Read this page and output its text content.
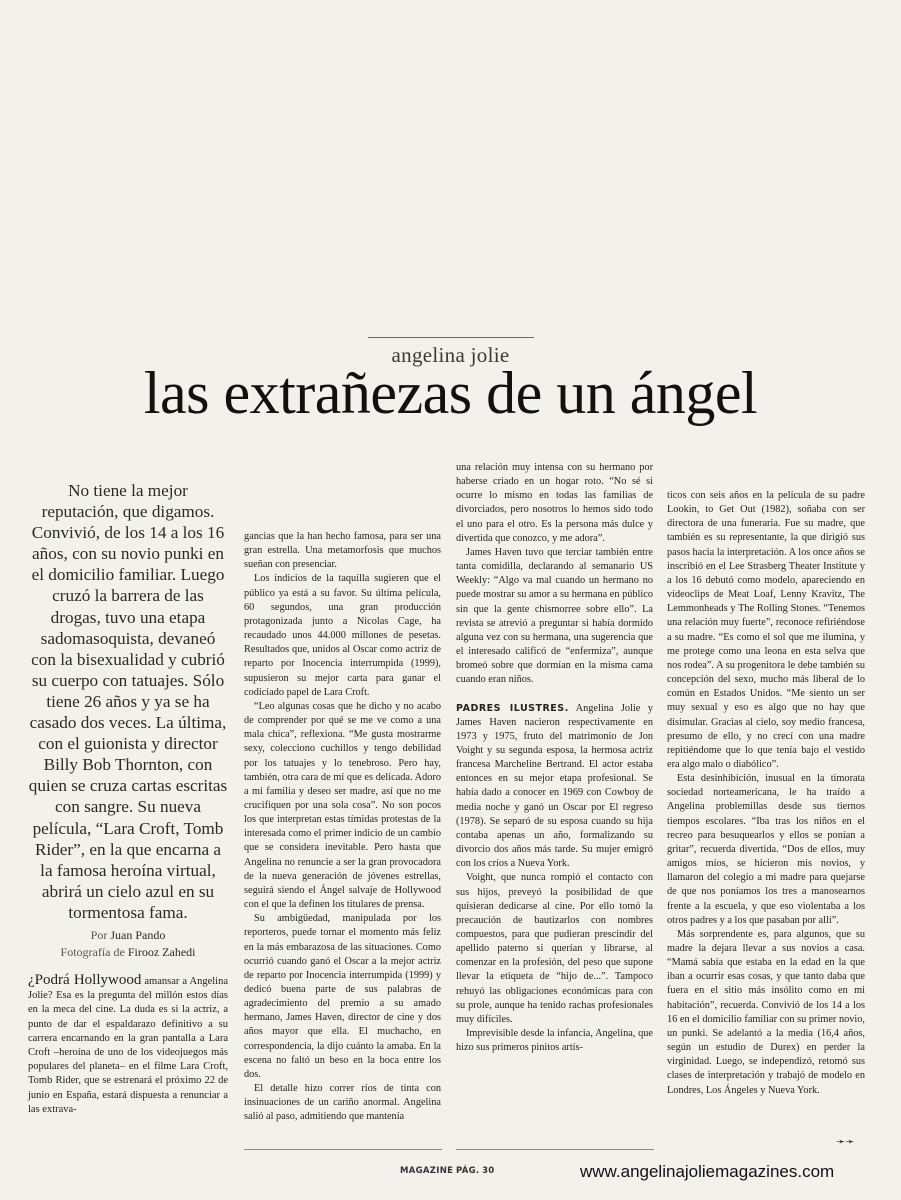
angelina jolie
las extrañezas de un ángel
No tiene la mejor reputación, que digamos. Convivió, de los 14 a los 16 años, con su novio punki en el domicilio familiar. Luego cruzó la barrera de las drogas, tuvo una etapa sadomasoquista, devaneó con la bisexualidad y cubrió su cuerpo con tatuajes. Sólo tiene 26 años y ya se ha casado dos veces. La última, con el guionista y director Billy Bob Thornton, con quien se cruza cartas escritas con sangre. Su nueva película, “Lara Croft, Tomb Rider”, en la que encarna a la famosa heroína virtual, abrirá un cielo azul en su tormentosa fama.
Por Juan Pando
Fotografía de Firooz Zahedi
¿Podrá Hollywood amansar a Angelina Jolie? Esa es la pregunta del millón estos días en la meca del cine. La duda es si la actriz, a punto de dar el espaldarazo definitivo a su carrera encarnando en la gran pantalla a Lara Croft –heroína de uno de los videojuegos más populares del planeta– en el filme Lara Croft, Tomb Rider, que se estrenará el próximo 22 de junio en España, estará dispuesta a renunciar a las extrava-

gancias que la han hecho famosa, para ser una gran estrella. Una metamorfosis que muchos sueñan con presenciar.

Los indicios de la taquilla sugieren que el público ya está a su favor. Su última película, 60 segundos, una gran producción protagonizada junto a Nicolas Cage, ha recaudado unos 44.000 millones de pesetas. Resultados que, unidos al Oscar como actriz de reparto por Inocencia interrumpida (1999), supusieron su mejor carta para ganar el codiciado papel de Lara Croft.

“Leo algunas cosas que he dicho y no acabo de comprender por qué se me ve como a una mala chica”, reflexiona. “Me gusta mostrarme sexy, colecciono cuchillos y tengo debilidad por los tatuajes y lo tenebroso. Pero hay, también, otra cara de mí que es delicada. Adoro a mi familia y deseo ser madre, así que no me crucifiquen por una sola cosa”. No son pocos los que interpretan estas tímidas protestas de la interesada como el primer indicio de un cambio que se considera inevitable. Pero hasta que Angelina no renuncie a ser la gran provocadora de la nueva generación de jóvenes estrellas, seguirá siendo el Ángel salvaje de Hollywood con el que la definen los titulares de prensa.

Su ambigüedad, manipulada por los reporteros, puede tornar el momento más feliz en la más embarazosa de las situaciones. Como ocurrió cuando ganó el Oscar a la mejor actriz de reparto por Inocencia interrumpida (1999) y dedicó buena parte de sus palabras de agradecimiento del premio a su amado hermano, James Haven, director de cine y dos años mayor que ella. El muchacho, en correspondencia, la dijo cuánto la amaba. En la escena no faltó un beso en la boca entre los dos.

El detalle hizo correr ríos de tinta con insinuaciones de un cariño anormal. Angelina salió al paso, admitiendo que mantenía

una relación muy intensa con su hermano por haberse criado en un hogar roto. “No sé si ocurre lo mismo en todas las familias de divorciados, pero nosotros lo hemos sido todo el uno para el otro. Es la persona más dulce y divertida que conozco, y me adora”.

James Haven tuvo que terciar también entre tanta comidilla, declarando al semanario US Weekly: “Algo va mal cuando un hermano no puede mostrar su amor a su hermana en público sin que la gente chismorree sobre ello”. La revista se atrevió a preguntar si había dormido alguna vez con su hermana, una sugerencia que el interesado calificó de “enfermiza”, aunque bromeó sobre que dormían en la misma cama cuando eran niños.

PADRES ILUSTRES. Angelina Jolie y James Haven nacieron respectivamente en 1973 y 1975, fruto del matrimonio de Jon Voight y su segunda esposa, la hermosa actriz francesa Marcheline Bertrand. El actor estaba entonces en su mejor etapa profesional. Se había dado a conocer en 1969 con Cowboy de media noche y ganó un Oscar por El regreso (1978). Se separó de su esposa cuando su hija contaba apenas un año, formalizando su divorcio dos años más tarde. Su mujer emigró con los críos a Nueva York.

Voight, que nunca rompió el contacto con sus hijos, preveyó la posibilidad de que quisieran dedicarse al cine. Por ello tomó la precaución de bautizarlos con nombres compuestos, para que pudieran prescindir del apellido paterno si querían y librarse, al comenzar en la profesión, del peso que supone llevar la etiqueta de “hijo de...”. Tampoco rehuyó las obligaciones económicas para con su prole, aunque ha tenido rachas profesionales muy difíciles.

Imprevisible desde la infancia, Angelina, que hizo sus primeros pinitos artís-

ticos con seis años en la película de su padre Lookin, to Get Out (1982), soñaba con ser directora de una funeraria. Fue su madre, que también es su representante, la que dirigió sus pasos hacia la interpretación. A los once años se inscribió en el Lee Strasberg Theater Institute y a los 16 debutó como modelo, apareciendo en videoclips de Meat Loaf, Lenny Kravitz, The Lemmonheads y The Rolling Stones. “Tenemos una relación muy fuerte”, reconoce refiriéndose a su madre. “Es como el sol que me ilumina, y me protege como una leona en esta selva que nos rodea”. A su progenitora le debe también su concepción del sexo, mucho más liberal de lo común en Estados Unidos. “Me siento un ser muy sexual y eso es algo que no hay que disimular. Gracias al cielo, soy medio francesa, presumo de ello, y no crecí con una madre repitiéndome que lo que tenía bajo el vestido era algo malo o diabólico”.

Esta desinhibición, inusual en la timorata sociedad norteamericana, le ha traído a Angelina problemillas desde sus tiernos tiempos escolares. “Iba tras los niños en el recreo para besuquearlos y ellos se ponían a gritar”, recuerda divertida. “Dos de ellos, muy amigos míos, se hicieron mis novios, y llamaron del colegio a mi madre para quejarse de que nos poníamos los tres a manosearnos frente a la escuela, y que eso violentaba a los otros padres y a los que pasaban por allí”.

Más sorprendente es, para algunos, que su madre la dejara llevar a sus novios a casa. “Mamá sabía que estaba en la edad en la que iban a ocurrir esas cosas, y que tanto daba que fuera en el sitio más insólito como en mi habitación”, recuerda. Convivió de los 14 a los 16 en el domicilio familiar con su primer novio, un punki. Se adelantó a la media (16,4 años, según un estudio de Durex) en perder la virginidad. Luego, se independizó, retomó sus clases de interpretación y trabajó de modelo en Londres, Los Ángeles y Nueva York.

➛➛
MAGAZINE PÁG. 30	www.angelinajoliemagazines.com
